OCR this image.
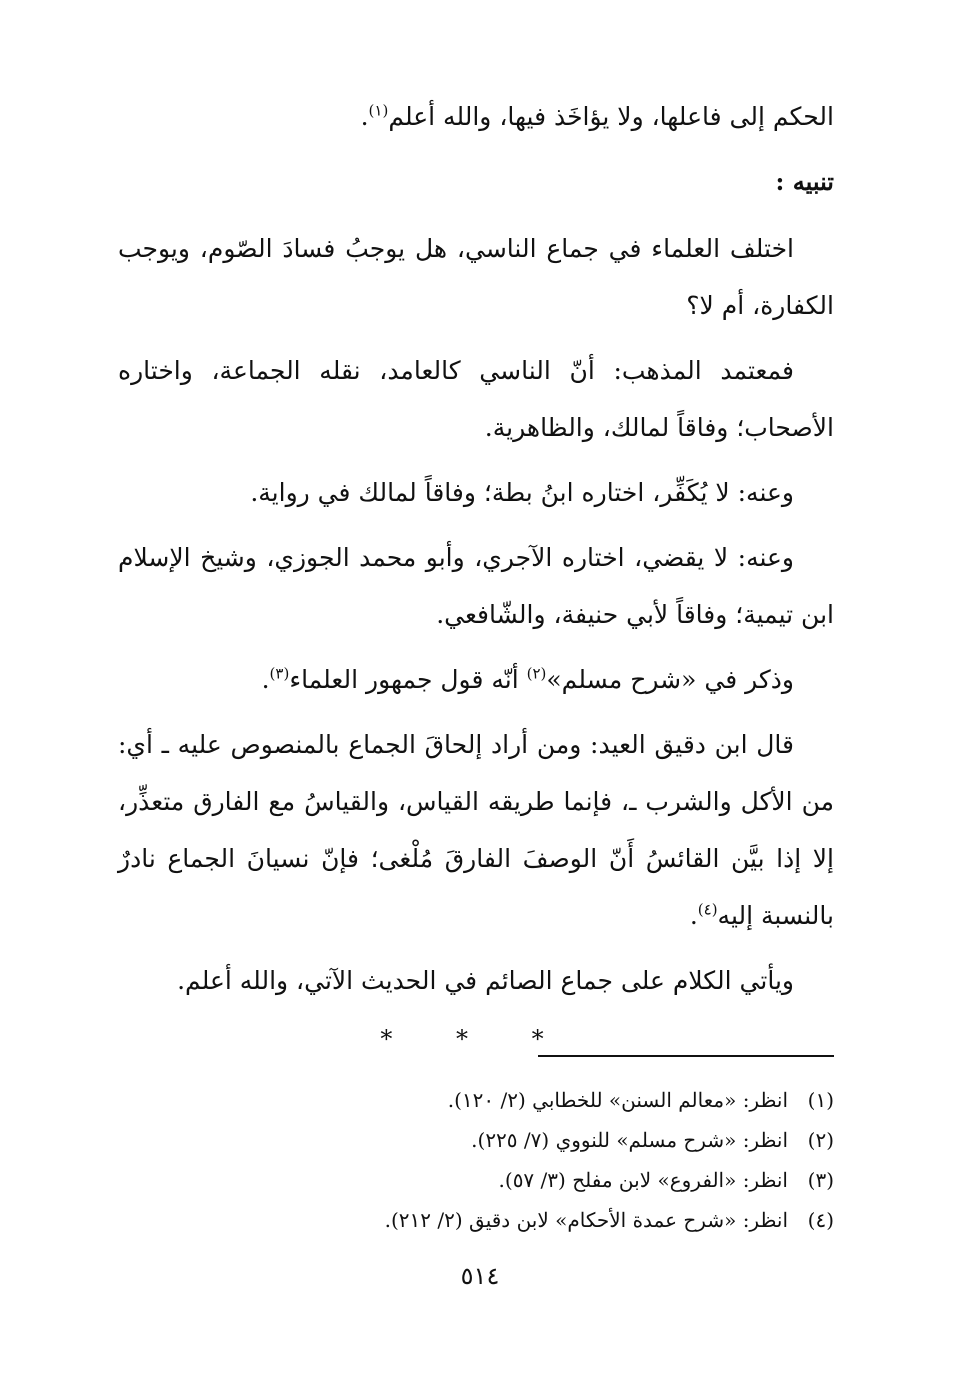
الحكم إلى فاعلها، ولا يؤاخَذ فيها، والله أعلم$^{(١)}$.

تنبيه :

اختلف العلماء في جماع الناسي، هل يوجبُ فسادَ الصّوم، ويوجب الكفارة، أم لا؟

فمعتمد المذهب: أنّ الناسي كالعامد، نقله الجماعة، واختاره الأصحاب؛ وفاقاً لمالك، والظاهرية.

وعنه: لا يُكَفِّر، اختاره ابنُ بطة؛ وفاقاً لمالك في رواية.

وعنه: لا يقضي، اختاره الآجري، وأبو محمد الجوزي، وشيخ الإسلام ابن تيمية؛ وفاقاً لأبي حنيفة، والشّافعي.

وذكر في «شرح مسلم»$^{(٢)}$ أنّه قول جمهور العلماء$^{(٣)}$.

قال ابن دقيق العيد: ومن أراد إلحاقَ الجماع بالمنصوص عليه ـ أي: من الأكل والشرب ـ، فإنما طريقه القياس، والقياسُ مع الفارق متعذِّر، إلا إذا بيَّن القائسُ أَنّ الوصفَ الفارقَ مُلْغى؛ فإنّ نسيانَ الجماع نادرٌ بالنسبة إليه$^{(٤)}$.

ويأتي الكلام على جماع الصائم في الحديث الآتي، والله أعلم.

* * *
(١)انظر: «معالم السنن» للخطابي (٢/ ١٢٠).
(٢)انظر: «شرح مسلم» للنووي (٧/ ٢٢٥).
(٣)انظر: «الفروع» لابن مفلح (٣/ ٥٧).
(٤)انظر: «شرح عمدة الأحكام» لابن دقيق (٢/ ٢١٢).
٥١٤
